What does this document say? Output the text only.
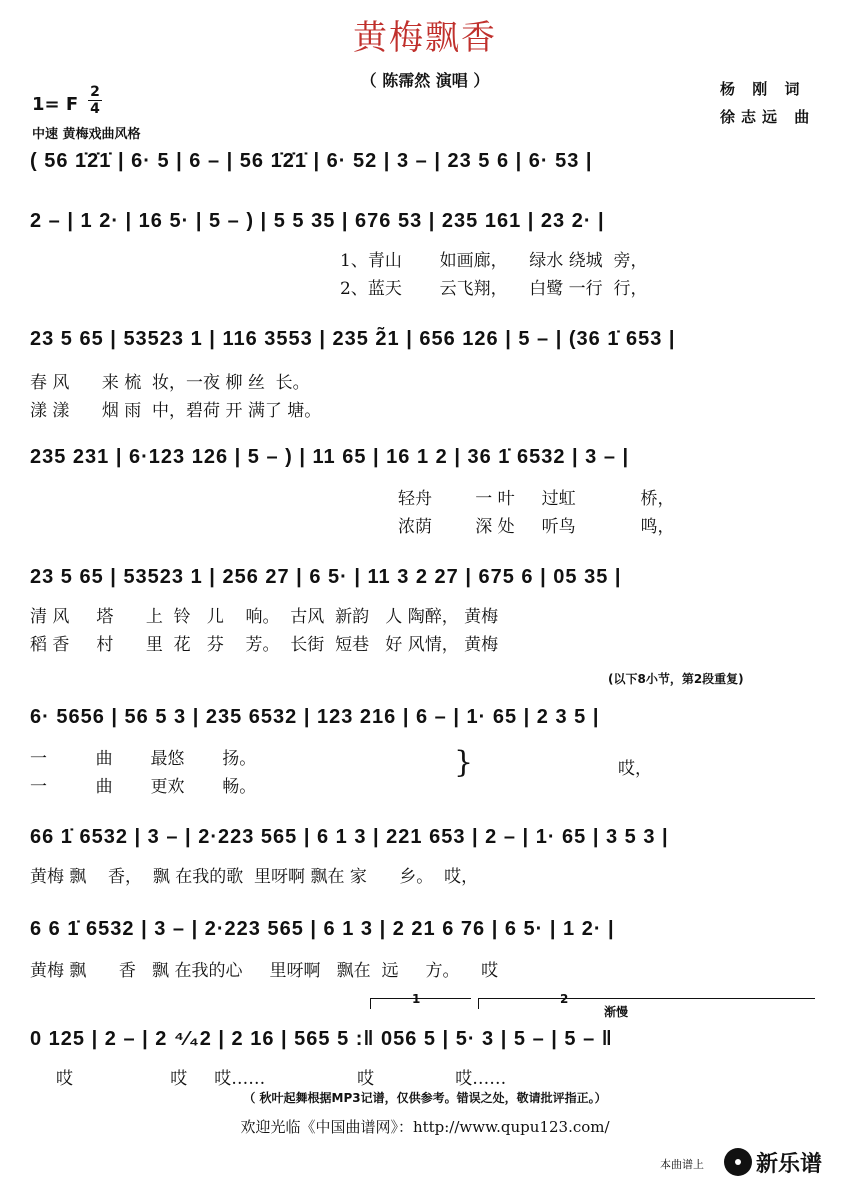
黄梅飘香
（ 陈霈然 演唱 ）
1= F
2
4
中速 黄梅戏曲风格
杨 刚 词
徐志远 曲
( 56 1̇2̇1̇ | 6· 5 | 6 – | 56 1̇2̇1̇ | 6· 52 | 3 – | 23 5 6 | 6· 53 |
2 – | 1 2· | 16 5· | 5 – ) | 5 5 35 | 676 53 | 235 161 | 23 2· |
1、青山       如画廊，    绿水 绕城  旁，
2、蓝天       云飞翔，    白鹭 一行  行，
23 5 65 | 53523 1 | 116 3553 | 235 2̃1 | 656 126 | 5 – | (36 1̇ 653 |
春 风      来 梳  妆，一夜 柳 丝  长。
漾 漾      烟 雨  中，碧荷 开 满了 塘。
235 231 | 6·123 126 | 5 – ) | 11 65 | 16 1 2 | 36 1̇ 6532 | 3 – |
轻舟        一 叶     过虹            桥，
浓荫        深 处     听鸟            鸣，
23 5 65 | 53523 1 | 256 27 | 6 5· | 11 3 2 27 | 675 6 | 05 35 |
清 风     塔      上  铃   儿    响。  古风  新韵   人 陶醉， 黄梅
稻 香     村      里  花   芬    芳。  长街  短巷   好 风情， 黄梅
(以下8小节，第2段重复)
6· 5656 | 56 5 3 | 235 6532 | 123 216 | 6 – | 1· 65 | 2 3 5 |
一         曲       最悠       扬。
一         曲       更欢       畅。
}	哎，
66 1̇ 6532 | 3 – | 2·223 565 | 6 1 3 | 221 653 | 2 – | 1· 65 | 3 5 3 |
黄梅 飘    香，  飘 在我的歌  里呀啊 飘在 家      乡。  哎，
6 6 1̇ 6532 | 3 – | 2·223 565 | 6 1 3 | 2 21 6 76 | 6 5· | 1 2· |
黄梅 飘      香   飘 在我的心     里呀啊   飘在  远     方。    哎
1	2
渐慢
0 125 | 2 – | 2 ⁴⁄₄2 | 2 16 | 565 5 :‖ 056 5 | 5· 3 | 5 – | 5 – ‖
哎                  哎     哎……                 哎               哎……
（ 秋叶起舞根据MP3记谱，仅供参考。错误之处，敬请批评指正。）
欢迎光临《中国曲谱网》：http://www.qupu123.com/
本曲谱上 新乐谱
